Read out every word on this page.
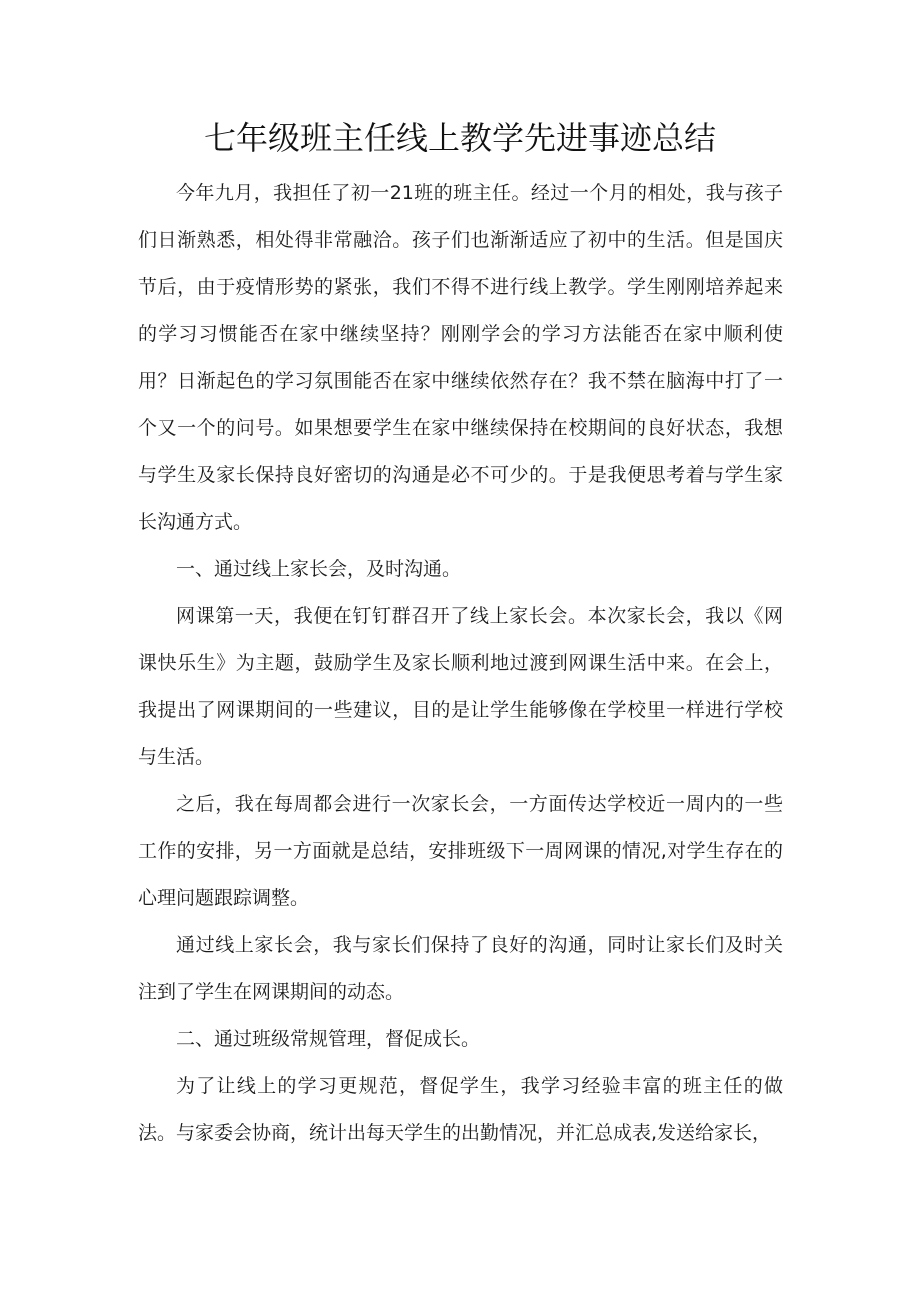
七年级班主任线上教学先进事迹总结

今年九月，我担任了初一21班的班主任。经过一个月的相处，我与孩子们日渐熟悉，相处得非常融洽。孩子们也渐渐适应了初中的生活。但是国庆节后，由于疫情形势的紧张，我们不得不进行线上教学。学生刚刚培养起来的学习习惯能否在家中继续坚持？刚刚学会的学习方法能否在家中顺利使用？日渐起色的学习氛围能否在家中继续依然存在？我不禁在脑海中打了一个又一个的问号。如果想要学生在家中继续保持在校期间的良好状态，我想与学生及家长保持良好密切的沟通是必不可少的。于是我便思考着与学生家长沟通方式。

一、通过线上家长会，及时沟通。

网课第一天，我便在钉钉群召开了线上家长会。本次家长会，我以《网课快乐生》为主题，鼓励学生及家长顺利地过渡到网课生活中来。在会上，我提出了网课期间的一些建议，目的是让学生能够像在学校里一样进行学校与生活。

之后，我在每周都会进行一次家长会，一方面传达学校近一周内的一些工作的安排，另一方面就是总结，安排班级下一周网课的情况,对学生存在的心理问题跟踪调整。

通过线上家长会，我与家长们保持了良好的沟通，同时让家长们及时关注到了学生在网课期间的动态。

二、通过班级常规管理，督促成长。

为了让线上的学习更规范，督促学生，我学习经验丰富的班主任的做法。与家委会协商，统计出每天学生的出勤情况，并汇总成表,发送给家长，
